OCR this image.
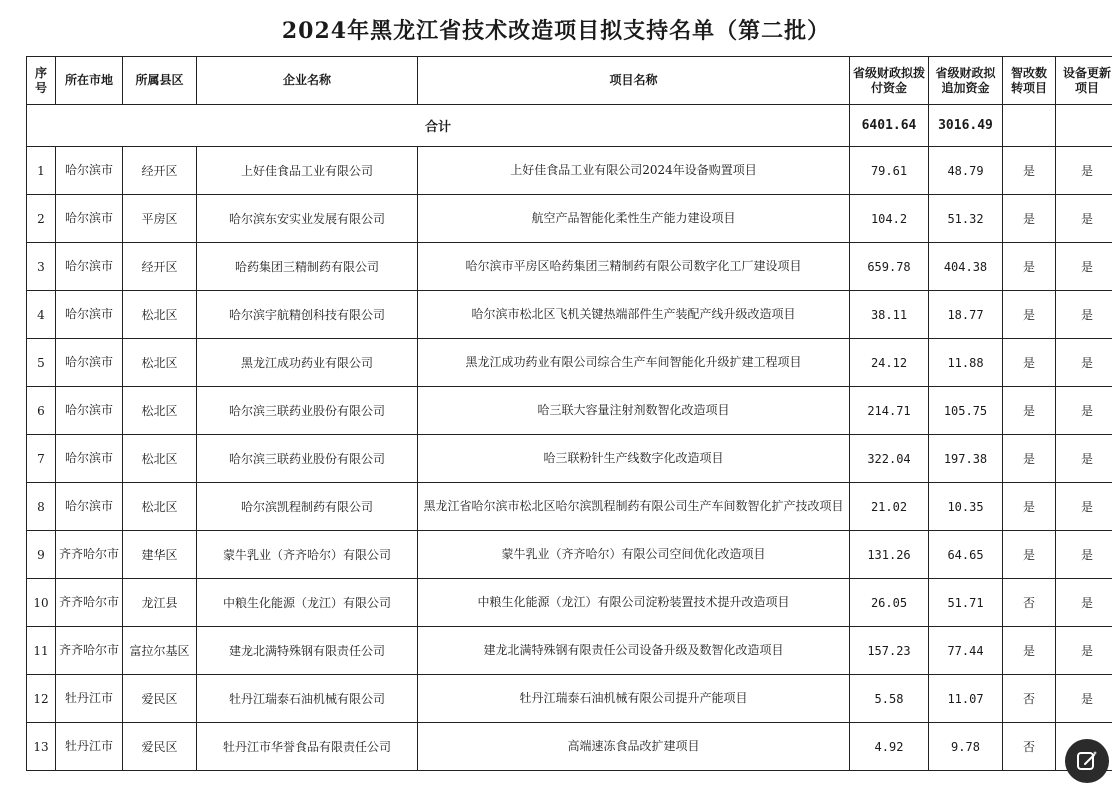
2024年黑龙江省技术改造项目拟支持名单（第二批）
序号	所在市地	所属县区	企业名称	项目名称	省级财政拟拨付资金	省级财政拟追加资金	智改数转项目	设备更新项目
合计					6401.64	3016.49		
1	哈尔滨市	经开区	上好佳食品工业有限公司	上好佳食品工业有限公司2024年设备购置项目	79.61	48.79	是	是
2	哈尔滨市	平房区	哈尔滨东安实业发展有限公司	航空产品智能化柔性生产能力建设项目	104.2	51.32	是	是
3	哈尔滨市	经开区	哈药集团三精制药有限公司	哈尔滨市平房区哈药集团三精制药有限公司数字化工厂建设项目	659.78	404.38	是	是
4	哈尔滨市	松北区	哈尔滨宇航精创科技有限公司	哈尔滨市松北区飞机关键热端部件生产装配产线升级改造项目	38.11	18.77	是	是
5	哈尔滨市	松北区	黑龙江成功药业有限公司	黑龙江成功药业有限公司综合生产车间智能化升级扩建工程项目	24.12	11.88	是	是
6	哈尔滨市	松北区	哈尔滨三联药业股份有限公司	哈三联大容量注射剂数智化改造项目	214.71	105.75	是	是
7	哈尔滨市	松北区	哈尔滨三联药业股份有限公司	哈三联粉针生产线数字化改造项目	322.04	197.38	是	是
8	哈尔滨市	松北区	哈尔滨凯程制药有限公司	黑龙江省哈尔滨市松北区哈尔滨凯程制药有限公司生产车间数智化扩产技改项目	21.02	10.35	是	是
9	齐齐哈尔市	建华区	蒙牛乳业（齐齐哈尔）有限公司	蒙牛乳业（齐齐哈尔）有限公司空间优化改造项目	131.26	64.65	是	是
10	齐齐哈尔市	龙江县	中粮生化能源（龙江）有限公司	中粮生化能源（龙江）有限公司淀粉装置技术提升改造项目	26.05	51.71	否	是
11	齐齐哈尔市	富拉尔基区	建龙北满特殊钢有限责任公司	建龙北满特殊钢有限责任公司设备升级及数智化改造项目	157.23	77.44	是	是
12	牡丹江市	爱民区	牡丹江瑞泰石油机械有限公司	牡丹江瑞泰石油机械有限公司提升产能项目	5.58	11.07	否	是
13	牡丹江市	爱民区	牡丹江市华誉食品有限责任公司	高端速冻食品改扩建项目	4.92	9.78	否	
